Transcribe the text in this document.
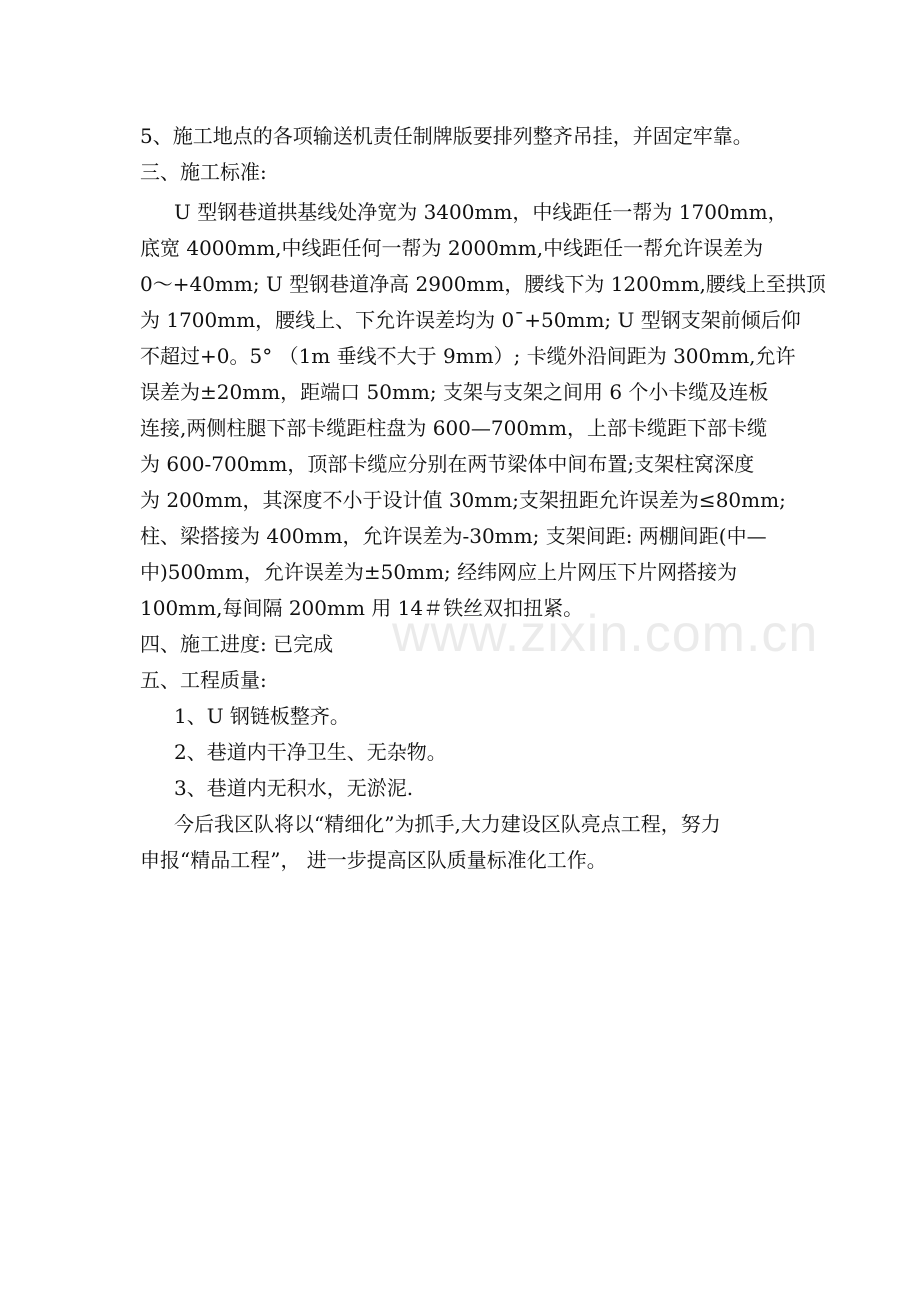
5、施工地点的各项输送机责任制牌版要排列整齐吊挂，并固定牢靠。
三、施工标准:
U 型钢巷道拱基线处净宽为 3400mm，中线距任一帮为 1700mm，
底宽 4000mm,中线距任何一帮为 2000mm,中线距任一帮允许误差为
0～+40mm; U 型钢巷道净高 2900mm，腰线下为 1200mm,腰线上至拱顶
为 1700mm，腰线上、下允许误差均为 0¯+50mm; U 型钢支架前倾后仰
不超过+0。5° （1m 垂线不大于 9mm）; 卡缆外沿间距为 300mm,允许
误差为±20mm，距端口 50mm; 支架与支架之间用 6 个小卡缆及连板
连接,两侧柱腿下部卡缆距柱盘为 600—700mm，上部卡缆距下部卡缆
为 600-700mm，顶部卡缆应分别在两节梁体中间布置;支架柱窝深度
为 200mm，其深度不小于设计值 30mm;支架扭距允许误差为≤80mm;
柱、梁搭接为 400mm，允许误差为-30mm; 支架间距: 两棚间距(中—
中)500mm，允许误差为±50mm; 经纬网应上片网压下片网搭接为
100mm,每间隔 200mm 用 14＃铁丝双扣扭紧。
四、施工进度: 已完成
五、工程质量:
1、U 钢链板整齐。
2、巷道内干净卫生、无杂物。
3、巷道内无积水，无淤泥.
今后我区队将以“精细化”为抓手,大力建设区队亮点工程，努力
申报“精品工程”， 进一步提高区队质量标准化工作。
www.zixin.com.cn
